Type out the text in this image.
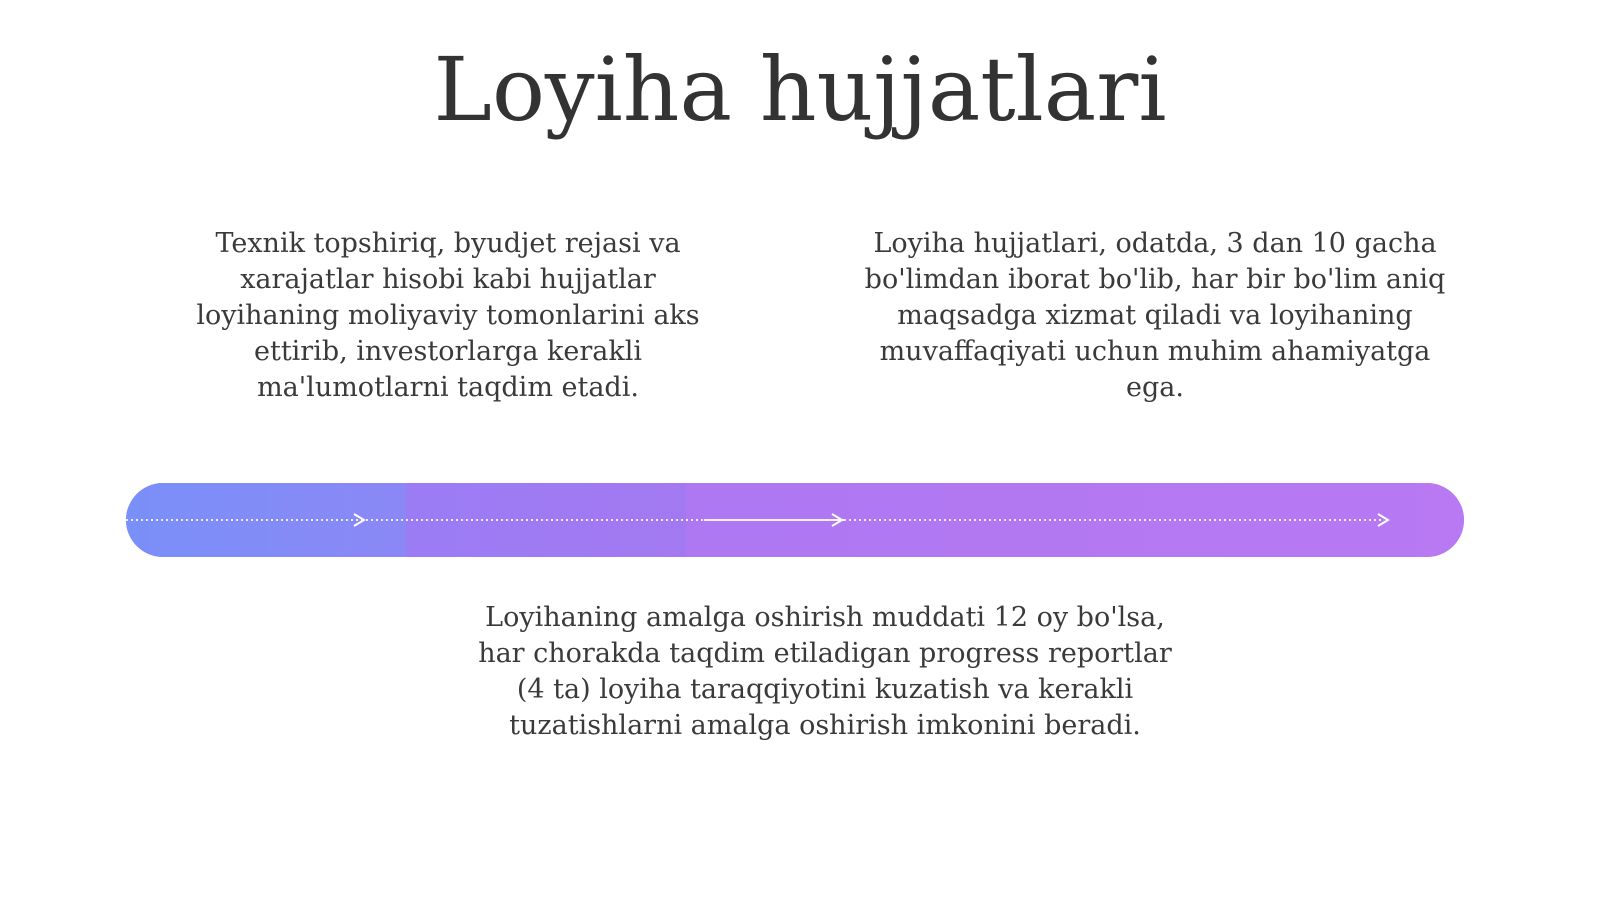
Loyiha hujjatlari

Texnik topshiriq, byudjet rejasi va xarajatlar hisobi kabi hujjatlar loyihaning moliyaviy tomonlarini aks ettirib, investorlarga kerakli ma'lumotlarni taqdim etadi.

Loyiha hujjatlari, odatda, 3 dan 10 gacha bo'limdan iborat bo'lib, har bir bo'lim aniq maqsadga xizmat qiladi va loyihaning muvaffaqiyati uchun muhim ahamiyatga ega.

Loyihaning amalga oshirish muddati 12 oy bo'lsa, har chorakda taqdim etiladigan progress reportlar (4 ta) loyiha taraqqiyotini kuzatish va kerakli tuzatishlarni amalga oshirish imkonini beradi.
